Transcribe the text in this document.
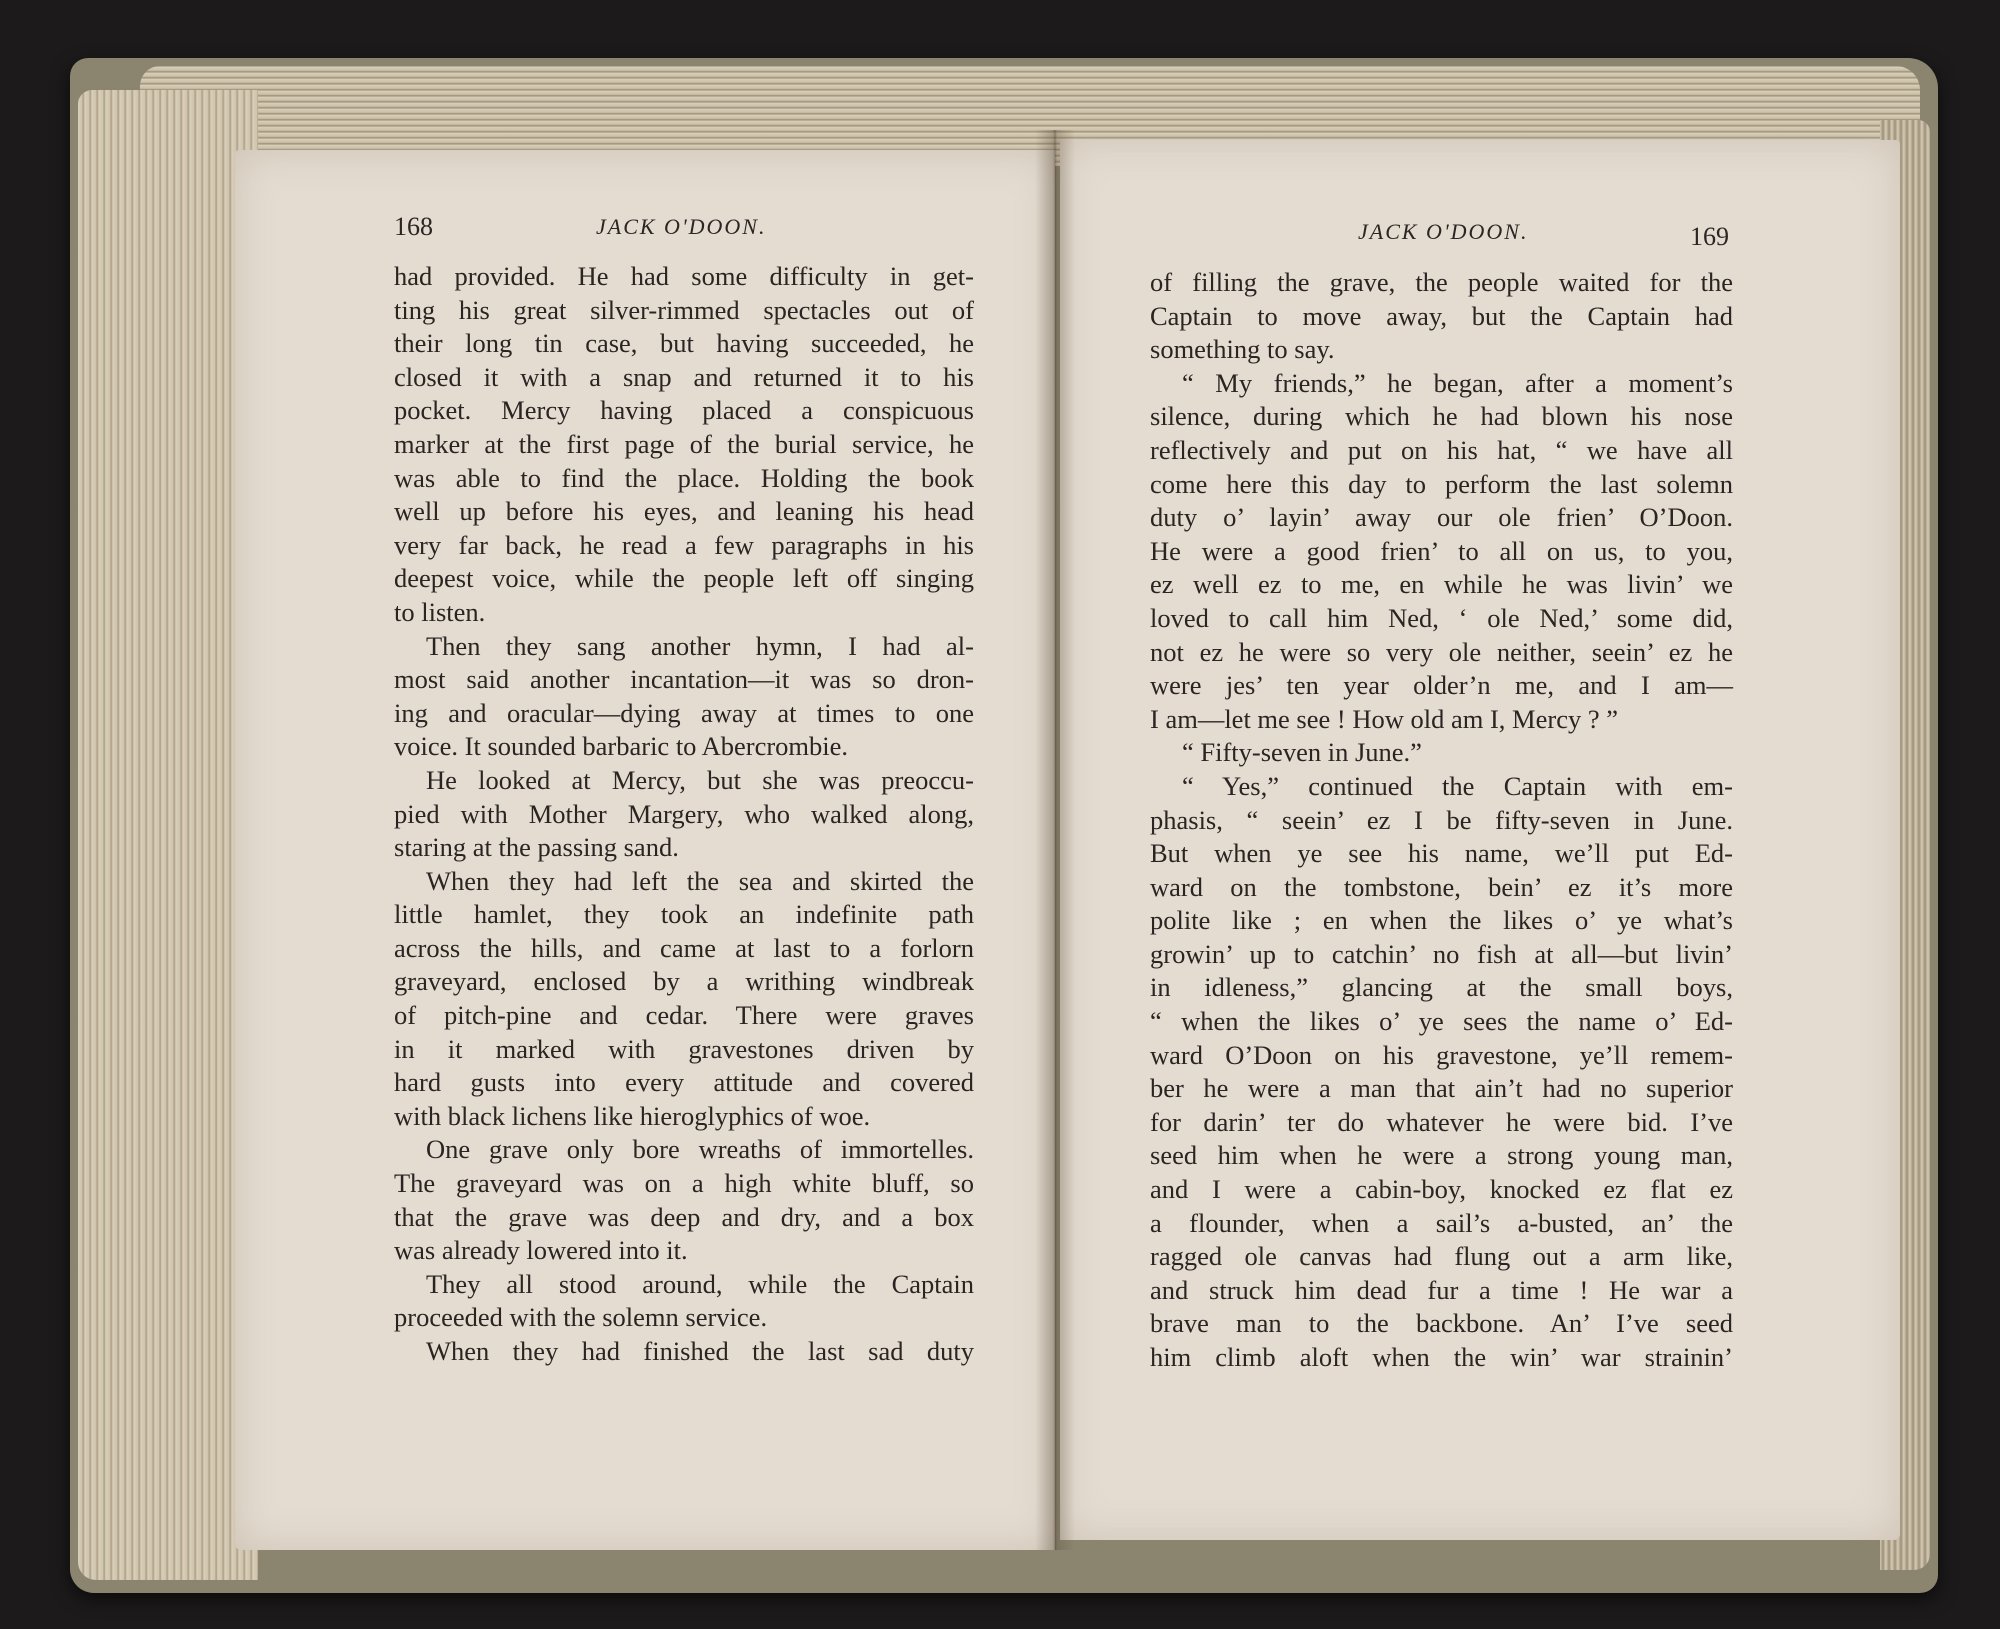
168	JACK O'DOON.	JACK O'DOON.	169
had provided. He had some difficulty in get-
ting his great silver-rimmed spectacles out of
their long tin case, but having succeeded, he
closed it with a snap and returned it to his
pocket. Mercy having placed a conspicuous
marker at the first page of the burial service, he
was able to find the place. Holding the book
well up before his eyes, and leaning his head
very far back, he read a few paragraphs in his
deepest voice, while the people left off singing
to listen.
Then they sang another hymn, I had al-
most said another incantation—it was so dron-
ing and oracular—dying away at times to one
voice. It sounded barbaric to Abercrombie.
He looked at Mercy, but she was preoccu-
pied with Mother Margery, who walked along,
staring at the passing sand.
When they had left the sea and skirted the
little hamlet, they took an indefinite path
across the hills, and came at last to a forlorn
graveyard, enclosed by a writhing windbreak
of pitch-pine and cedar. There were graves
in it marked with gravestones driven by
hard gusts into every attitude and covered
with black lichens like hieroglyphics of woe.
One grave only bore wreaths of immortelles.
The graveyard was on a high white bluff, so
that the grave was deep and dry, and a box
was already lowered into it.
They all stood around, while the Captain
proceeded with the solemn service.
When they had finished the last sad duty
of filling the grave, the people waited for the
Captain to move away, but the Captain had
something to say.
“ My friends,” he began, after a moment’s
silence, during which he had blown his nose
reflectively and put on his hat, “ we have all
come here this day to perform the last solemn
duty o’ layin’ away our ole frien’ O’Doon.
He were a good frien’ to all on us, to you,
ez well ez to me, en while he was livin’ we
loved to call him Ned, ‘ ole Ned,’ some did,
not ez he were so very ole neither, seein’ ez he
were jes’ ten year older’n me, and I am—
I am—let me see ! How old am I, Mercy ? ”
“ Fifty-seven in June.”
“ Yes,” continued the Captain with em-
phasis, “ seein’ ez I be fifty-seven in June.
But when ye see his name, we’ll put Ed-
ward on the tombstone, bein’ ez it’s more
polite like ; en when the likes o’ ye what’s
growin’ up to catchin’ no fish at all—but livin’
in idleness,” glancing at the small boys,
“ when the likes o’ ye sees the name o’ Ed-
ward O’Doon on his gravestone, ye’ll remem-
ber he were a man that ain’t had no superior
for darin’ ter do whatever he were bid. I’ve
seed him when he were a strong young man,
and I were a cabin-boy, knocked ez flat ez
a flounder, when a sail’s a-busted, an’ the
ragged ole canvas had flung out a arm like,
and struck him dead fur a time ! He war a
brave man to the backbone. An’ I’ve seed
him climb aloft when the win’ war strainin’
